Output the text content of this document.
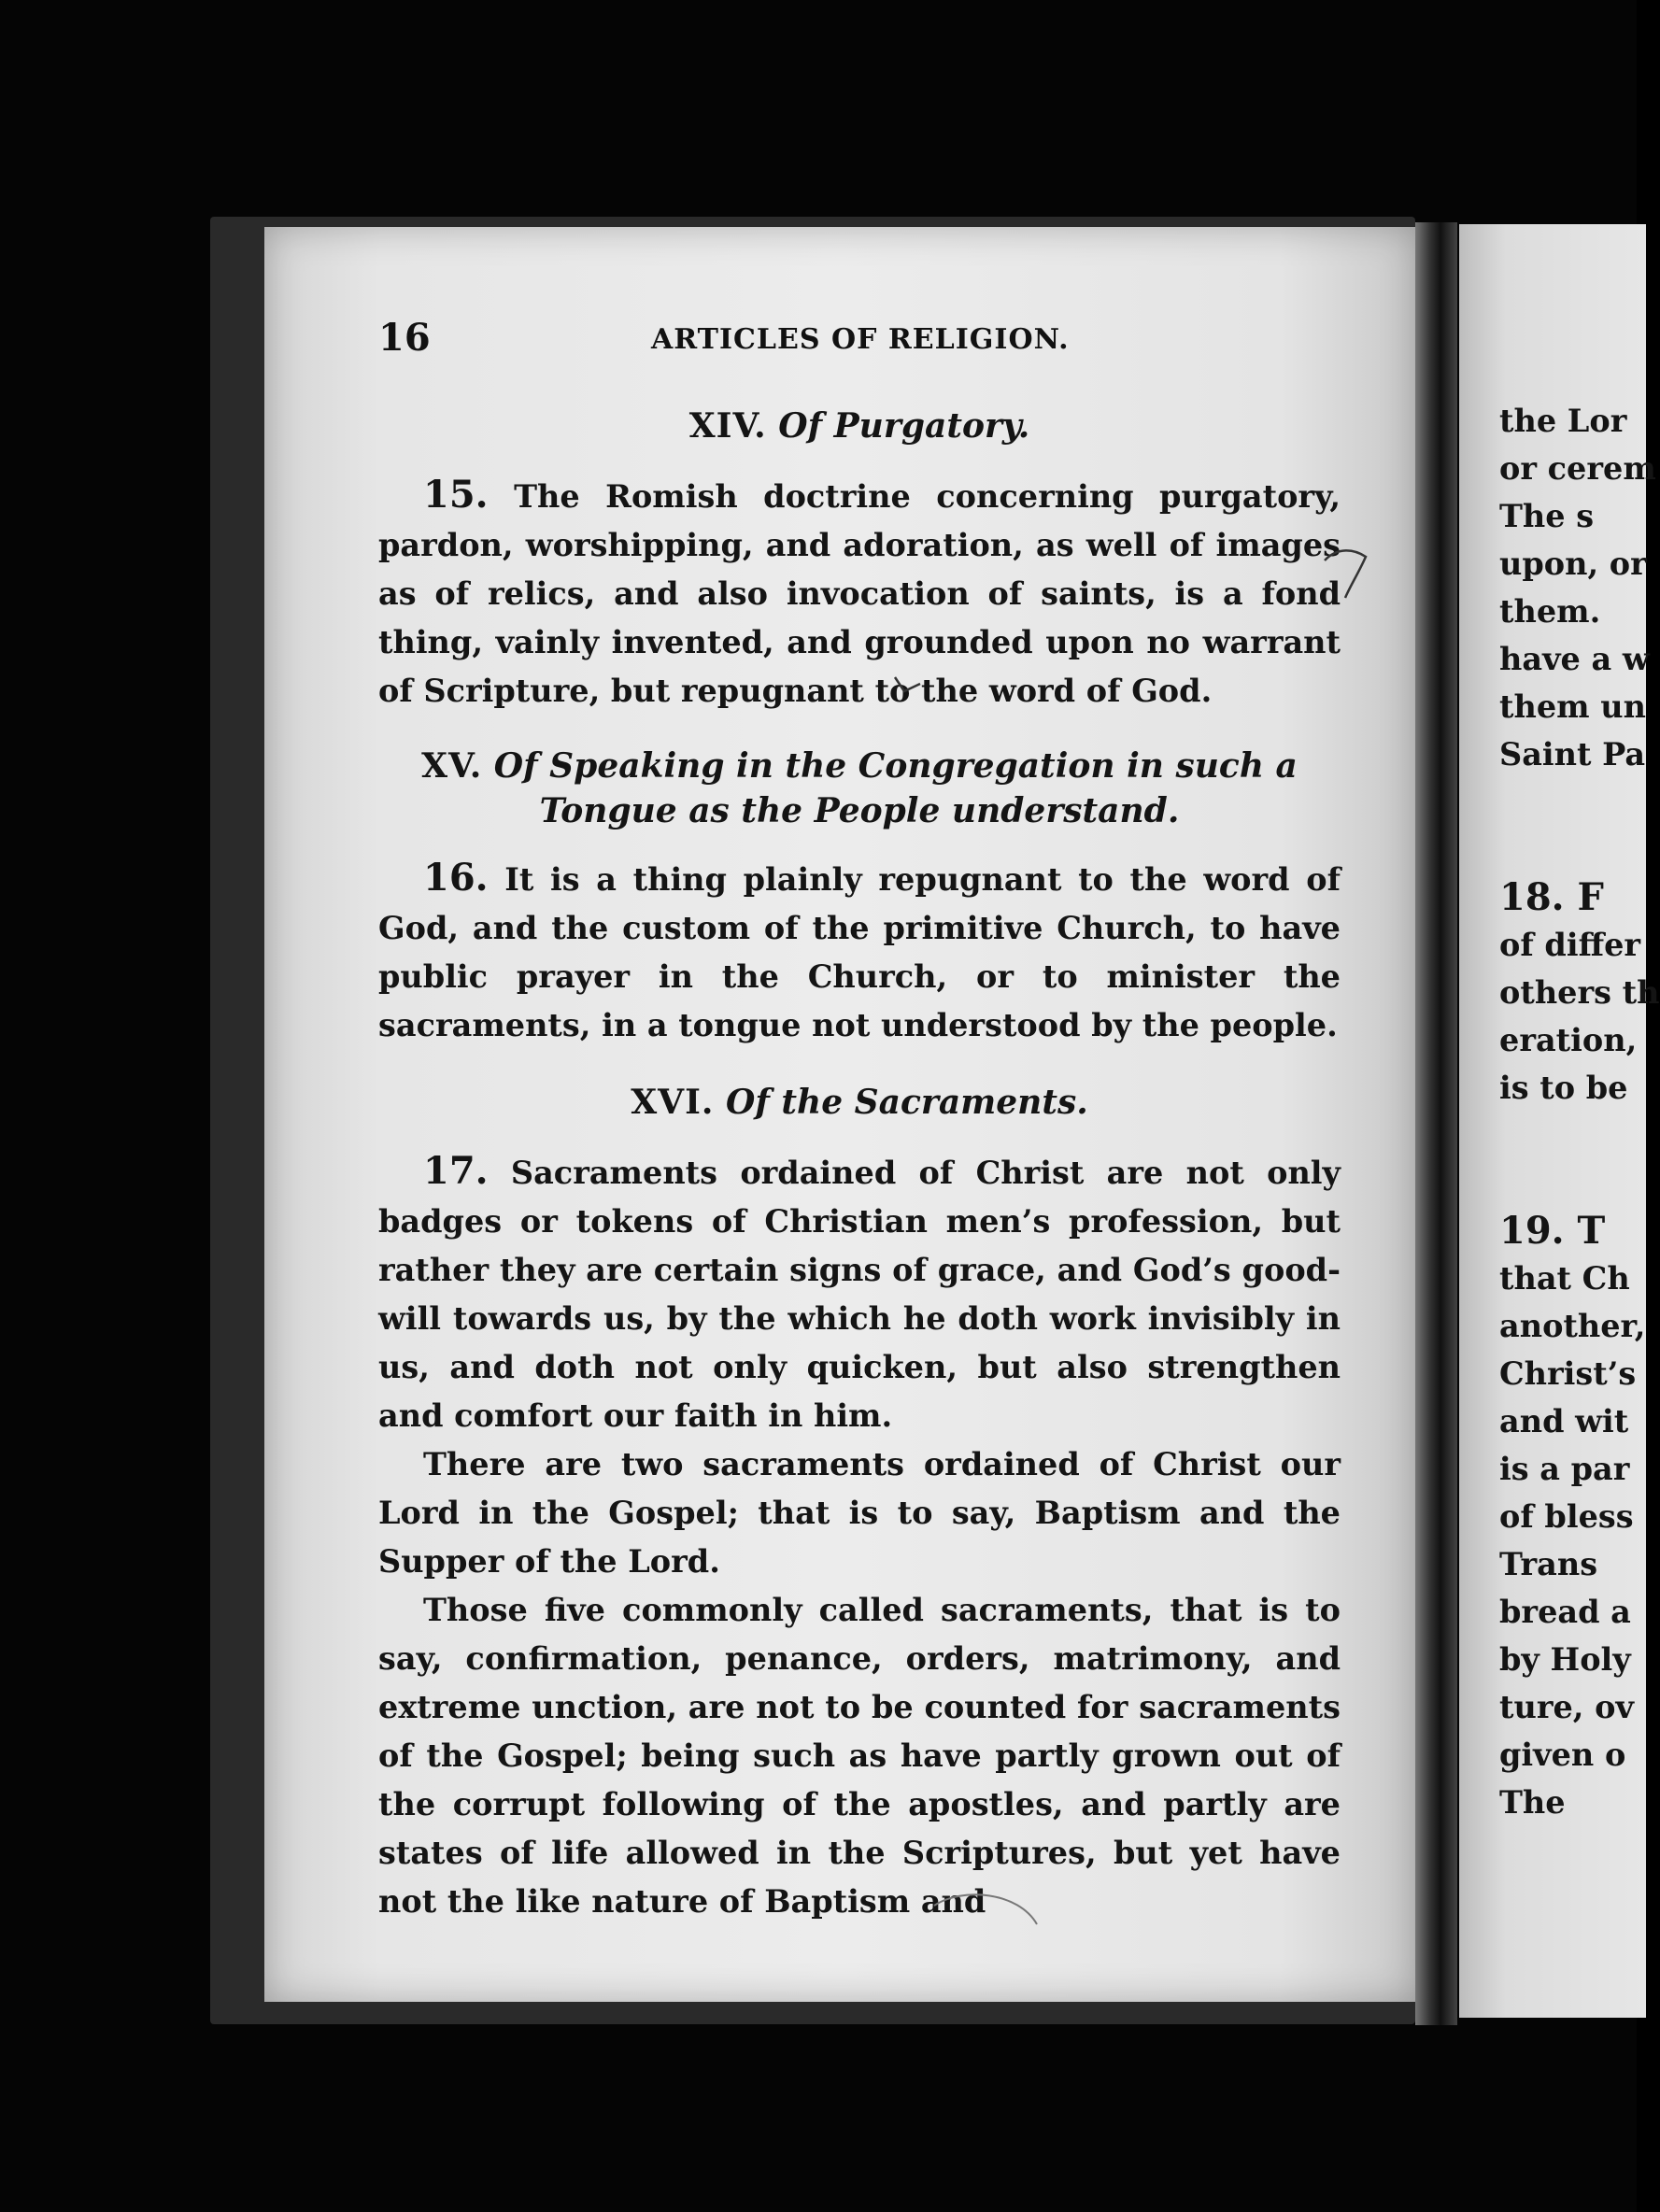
16	ARTICLES OF RELIGION.

XIV. Of Purgatory.

15. The Romish doctrine concerning purgatory, pardon, worshipping, and adoration, as well of images as of relics, and also invocation of saints, is a fond thing, vainly invented, and grounded upon no warrant of Scripture, but repugnant to the word of God.

XV. Of Speaking in the Congregation in such a Tongue as the People understand.

16. It is a thing plainly repugnant to the word of God, and the custom of the primitive Church, to have public prayer in the Church, or to minister the sacraments, in a tongue not understood by the people.

XVI. Of the Sacraments.

17. Sacraments ordained of Christ are not only badges or tokens of Christian men’s profession, but rather they are certain signs of grace, and God’s good-will towards us, by the which he doth work invisibly in us, and doth not only quicken, but also strengthen and comfort our faith in him.

There are two sacraments ordained of Christ our Lord in the Gospel; that is to say, Baptism and the Supper of the Lord.

Those five commonly called sacraments, that is to say, confirmation, penance, orders, matrimony, and extreme unction, are not to be counted for sacraments of the Gospel; being such as have partly grown out of the corrupt following of the apostles, and partly are states of life allowed in the Scriptures, but yet have not the like nature of Baptism and

the Lor
or cerem
The s
upon, or
them.
have a w
them un
Saint Pa
18. F
of differ
others th
eration,
is to be
19. T
that Ch
another,
Christ’s
and wit
is a par
of bless
Trans
bread a
by Holy
ture, ov
given o
The
